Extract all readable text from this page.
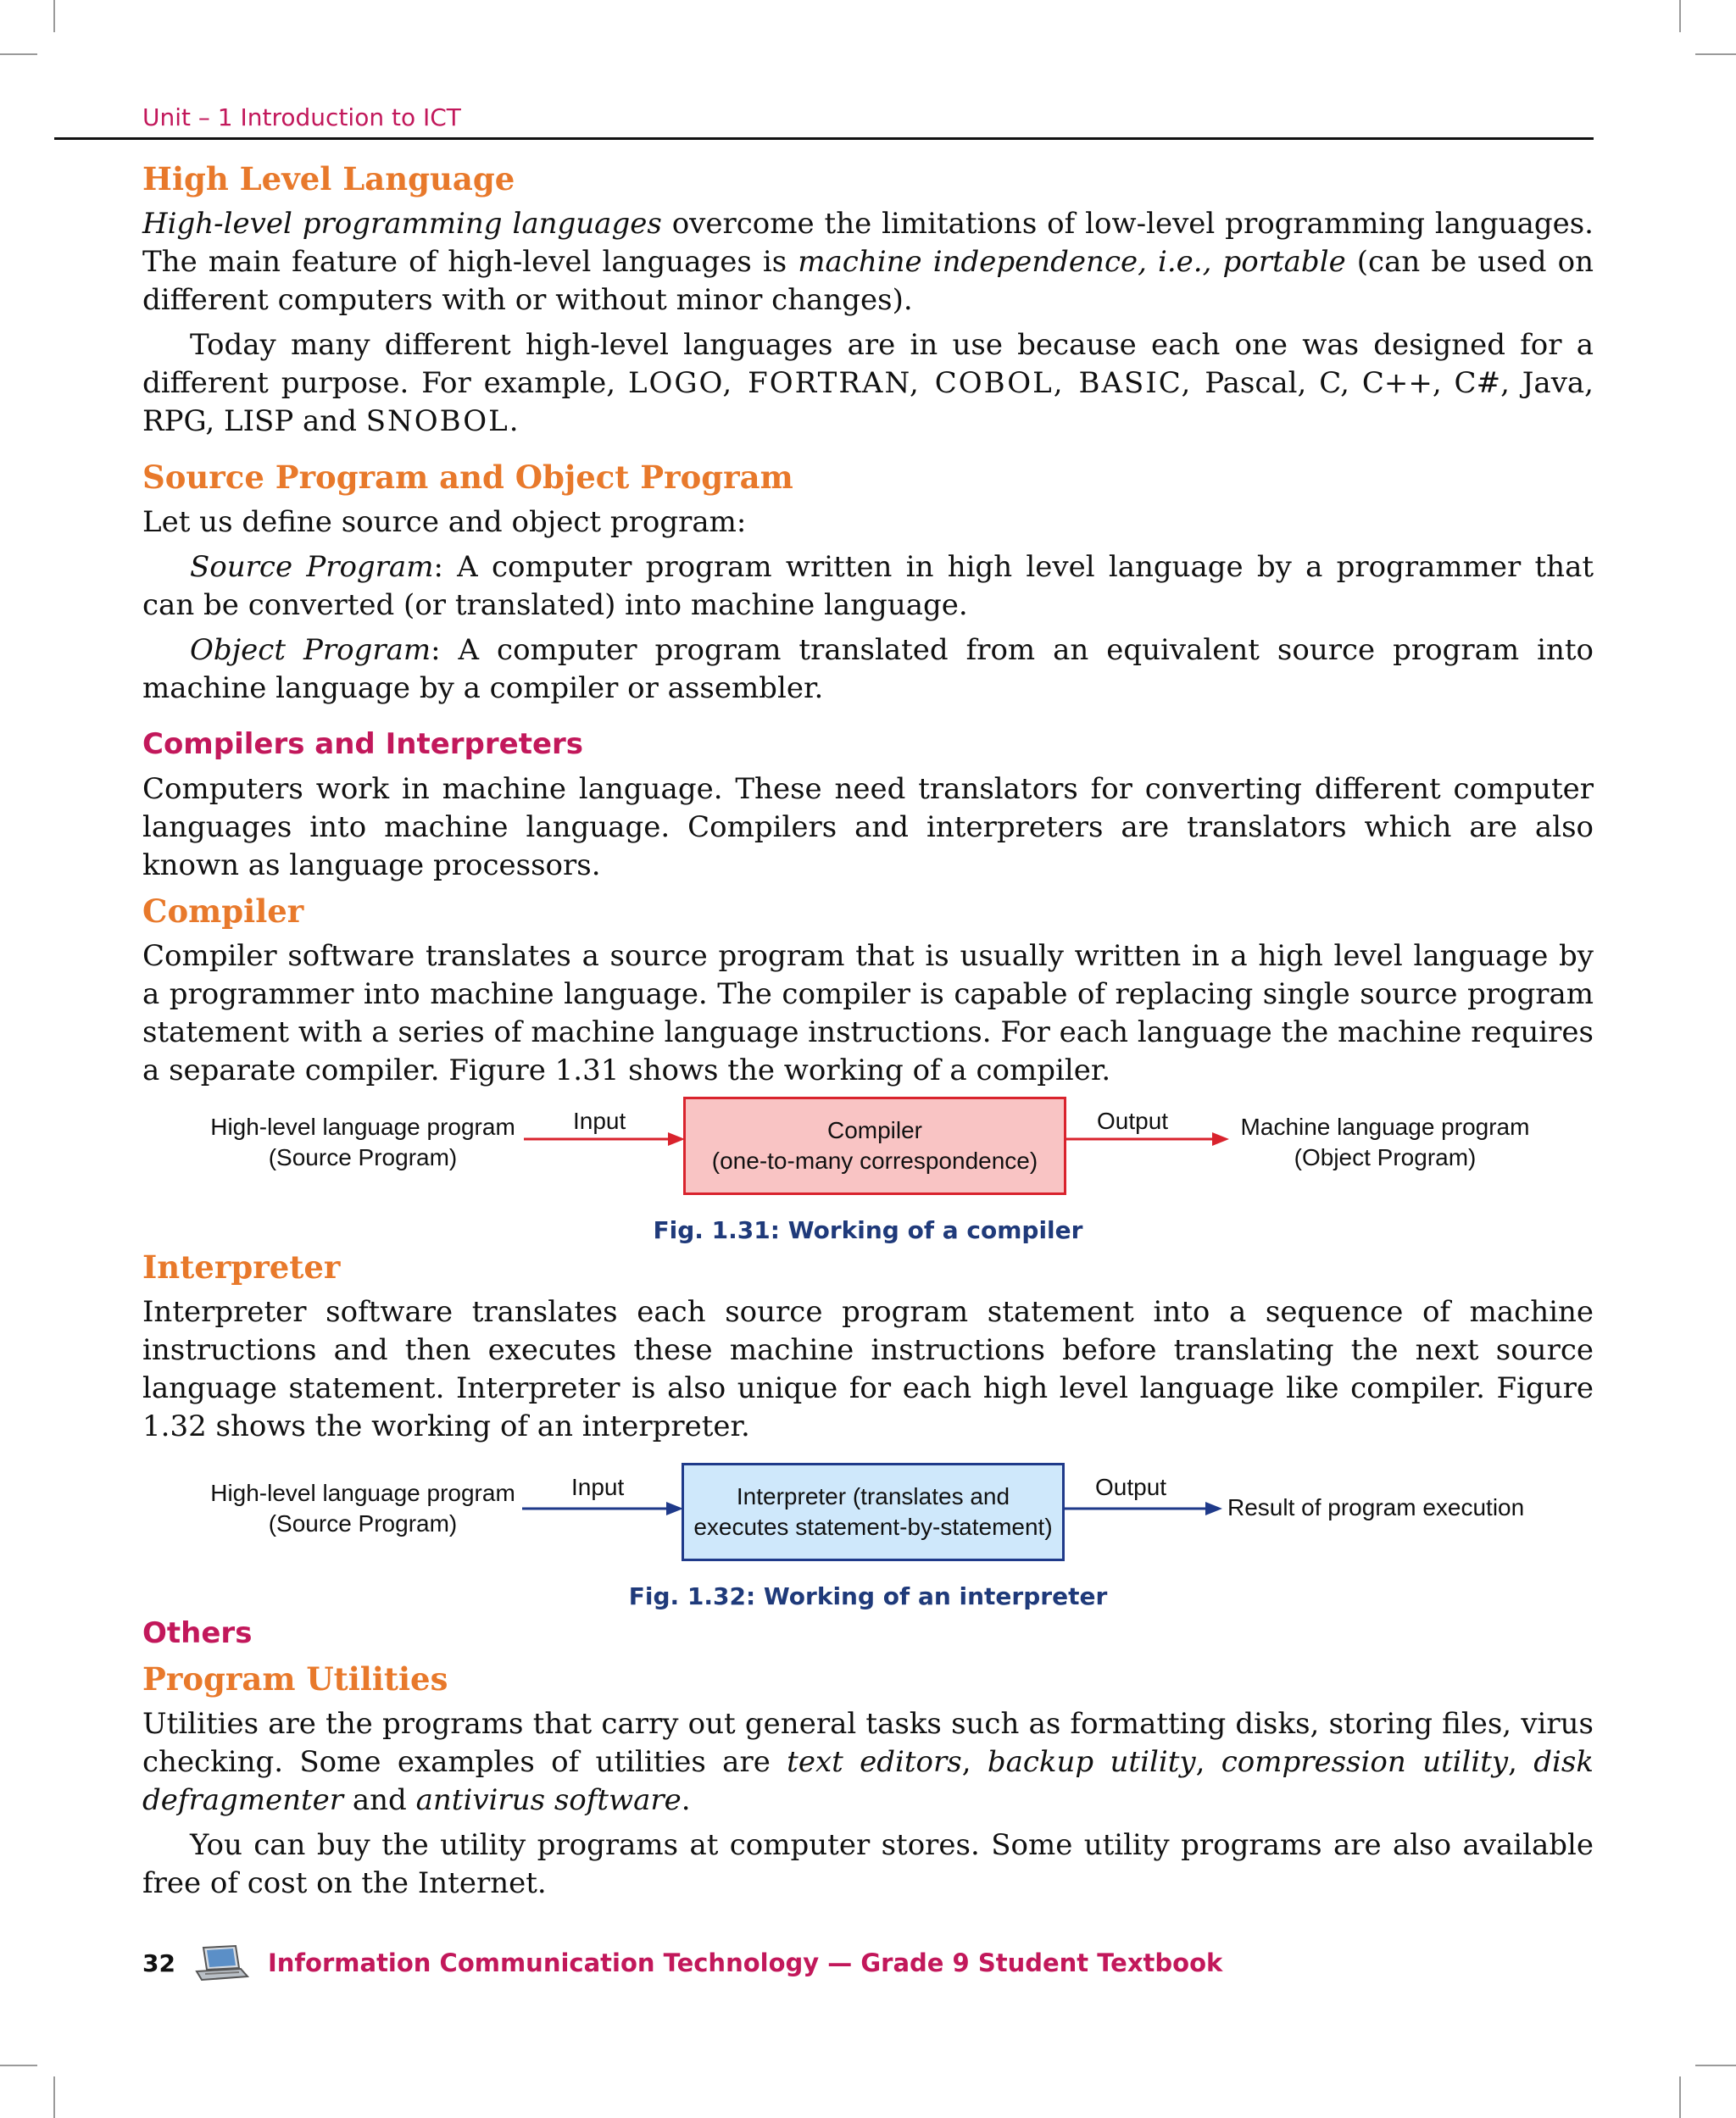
Unit – 1 Introduction to ICT
High Level Language

High-level programming languages overcome the limitations of low-level programming languages. The main feature of high-level languages is machine independence, i.e., portable (can be used on different computers with or without minor changes).

Today many different high-level languages are in use because each one was designed for a different purpose. For example, LOGO, FORTRAN, COBOL, BASIC, Pascal, C, C++, C#, Java, RPG, LISP and SNOBOL.

Source Program and Object Program

Let us define source and object program:

Source Program: A computer program written in high level language by a programmer that can be converted (or translated) into machine language.

Object Program: A computer program translated from an equivalent source program into machine language by a compiler or assembler.

Compilers and Interpreters

Computers work in machine language. These need translators for converting different computer languages into machine language. Compilers and interpreters are translators which are also known as language processors.

Compiler

Compiler software translates a source program that is usually written in a high level language by a programmer into machine language. The compiler is capable of replacing single source program statement with a series of machine language instructions. For each language the machine requires a separate compiler. Figure 1.31 shows the working of a compiler.

High-level language program
(Source Program)
Input	Compiler
(one-to-many correspondence)
Output	Machine language program
(Object Program)
Fig. 1.31: Working of a compiler
Interpreter

Interpreter software translates each source program statement into a sequence of machine instructions and then executes these machine instructions before translating the next source language statement. Interpreter is also unique for each high level language like compiler. Figure 1.32 shows the working of an interpreter.

High-level language program
(Source Program)
Input	Interpreter (translates and
executes statement-by-statement)
Output
Result of program execution
Fig. 1.32: Working of an interpreter
Others
Program Utilities

Utilities are the programs that carry out general tasks such as formatting disks, storing files, virus checking. Some examples of utilities are text editors, backup utility, compression utility, disk defragmenter and antivirus software.

You can buy the utility programs at computer stores. Some utility programs are also available free of cost on the Internet.

32	Information Communication Technology — Grade 9 Student Textbook
